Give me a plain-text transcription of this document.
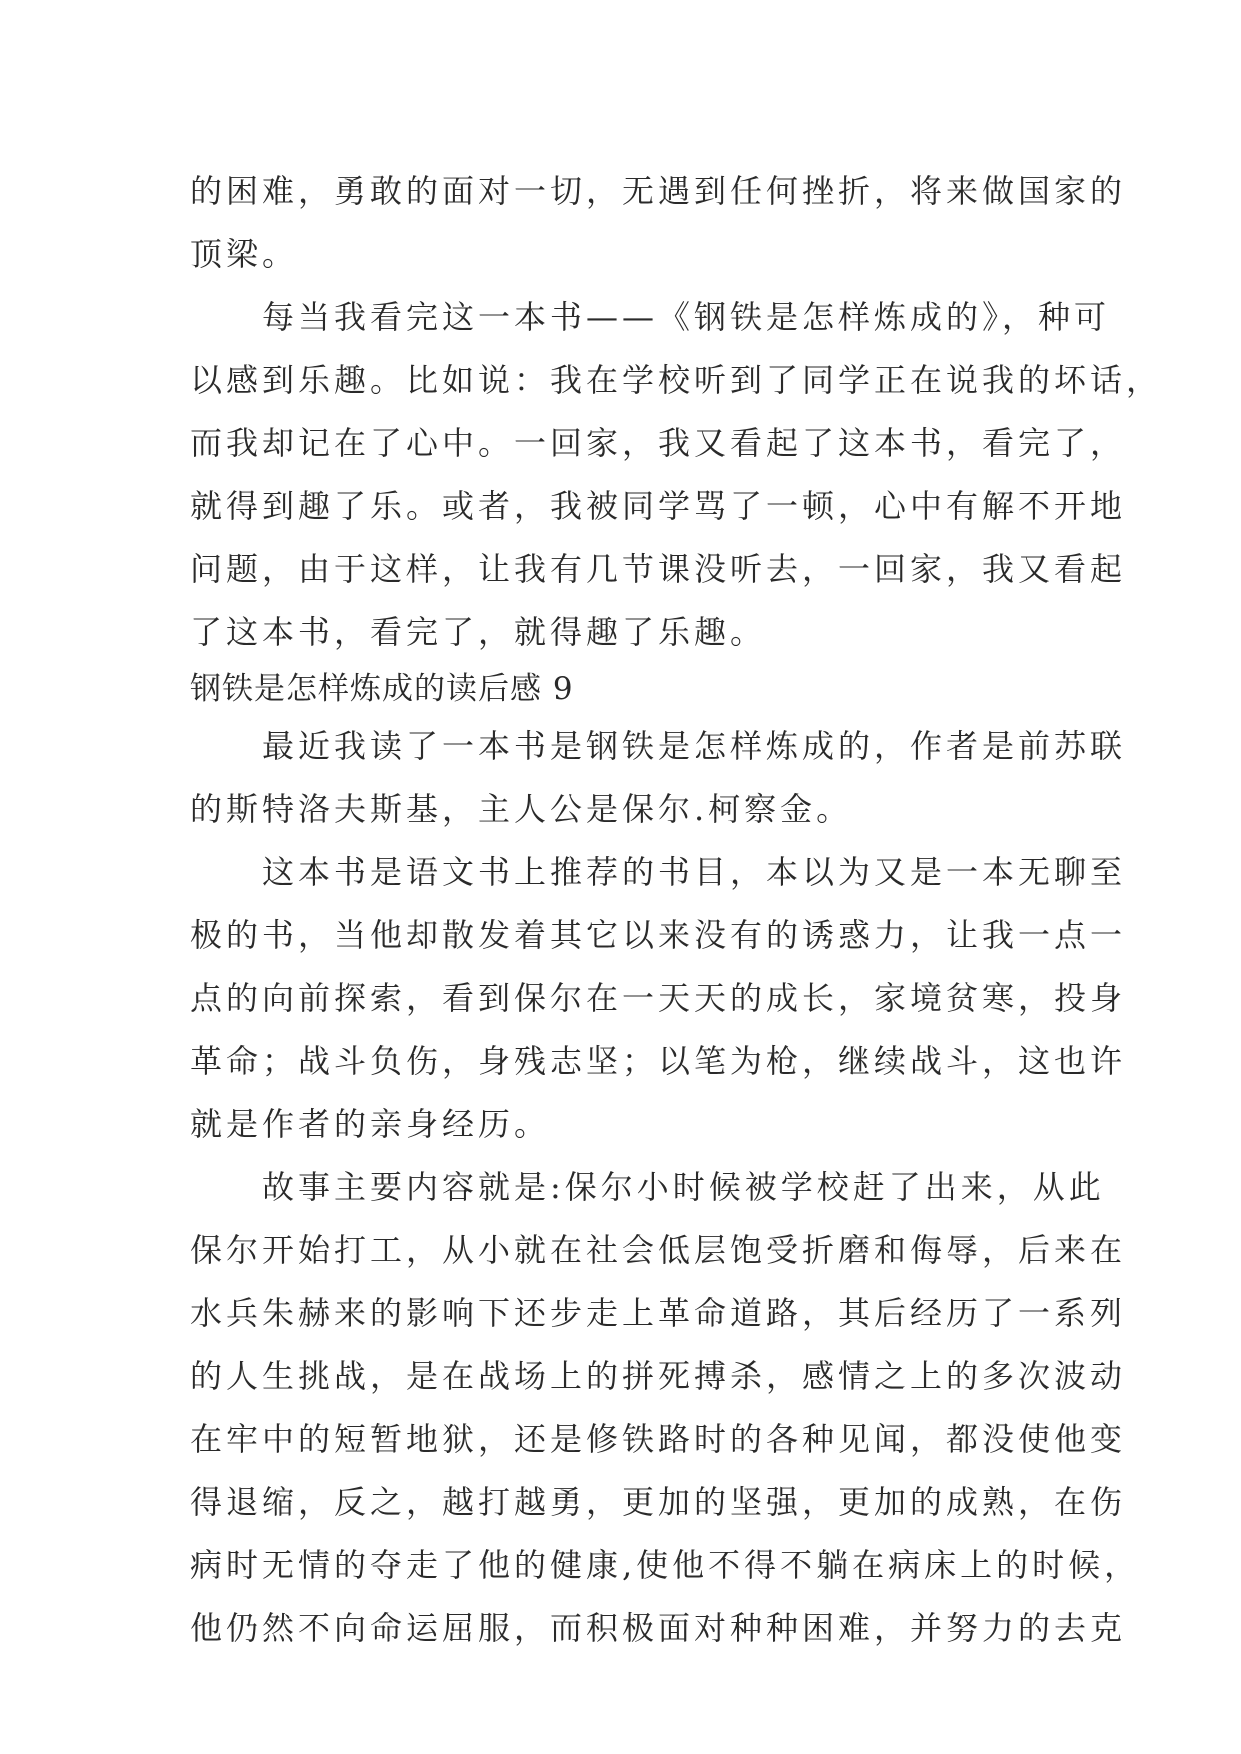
的困难，勇敢的面对一切，无遇到任何挫折，将来做国家的
顶梁。
　　每当我看完这一本书——《钢铁是怎样炼成的》，种可
以感到乐趣。比如说：我在学校听到了同学正在说我的坏话，
而我却记在了心中。一回家，我又看起了这本书，看完了，
就得到趣了乐。或者，我被同学骂了一顿，心中有解不开地
问题，由于这样，让我有几节课没听去，一回家，我又看起
了这本书，看完了，就得趣了乐趣。
钢铁是怎样炼成的读后感 9
　　最近我读了一本书是钢铁是怎样炼成的，作者是前苏联
的斯特洛夫斯基，主人公是保尔.柯察金。
　　这本书是语文书上推荐的书目，本以为又是一本无聊至
极的书，当他却散发着其它以来没有的诱惑力，让我一点一
点的向前探索，看到保尔在一天天的成长，家境贫寒，投身
革命；战斗负伤，身残志坚；以笔为枪，继续战斗，这也许
就是作者的亲身经历。
　　故事主要内容就是:保尔小时候被学校赶了出来，从此
保尔开始打工，从小就在社会低层饱受折磨和侮辱，后来在
水兵朱赫来的影响下还步走上革命道路，其后经历了一系列
的人生挑战，是在战场上的拼死搏杀，感情之上的多次波动
在牢中的短暂地狱，还是修铁路时的各种见闻，都没使他变
得退缩，反之，越打越勇，更加的坚强，更加的成熟，在伤
病时无情的夺走了他的健康,使他不得不躺在病床上的时候，
他仍然不向命运屈服，而积极面对种种困难，并努力的去克
